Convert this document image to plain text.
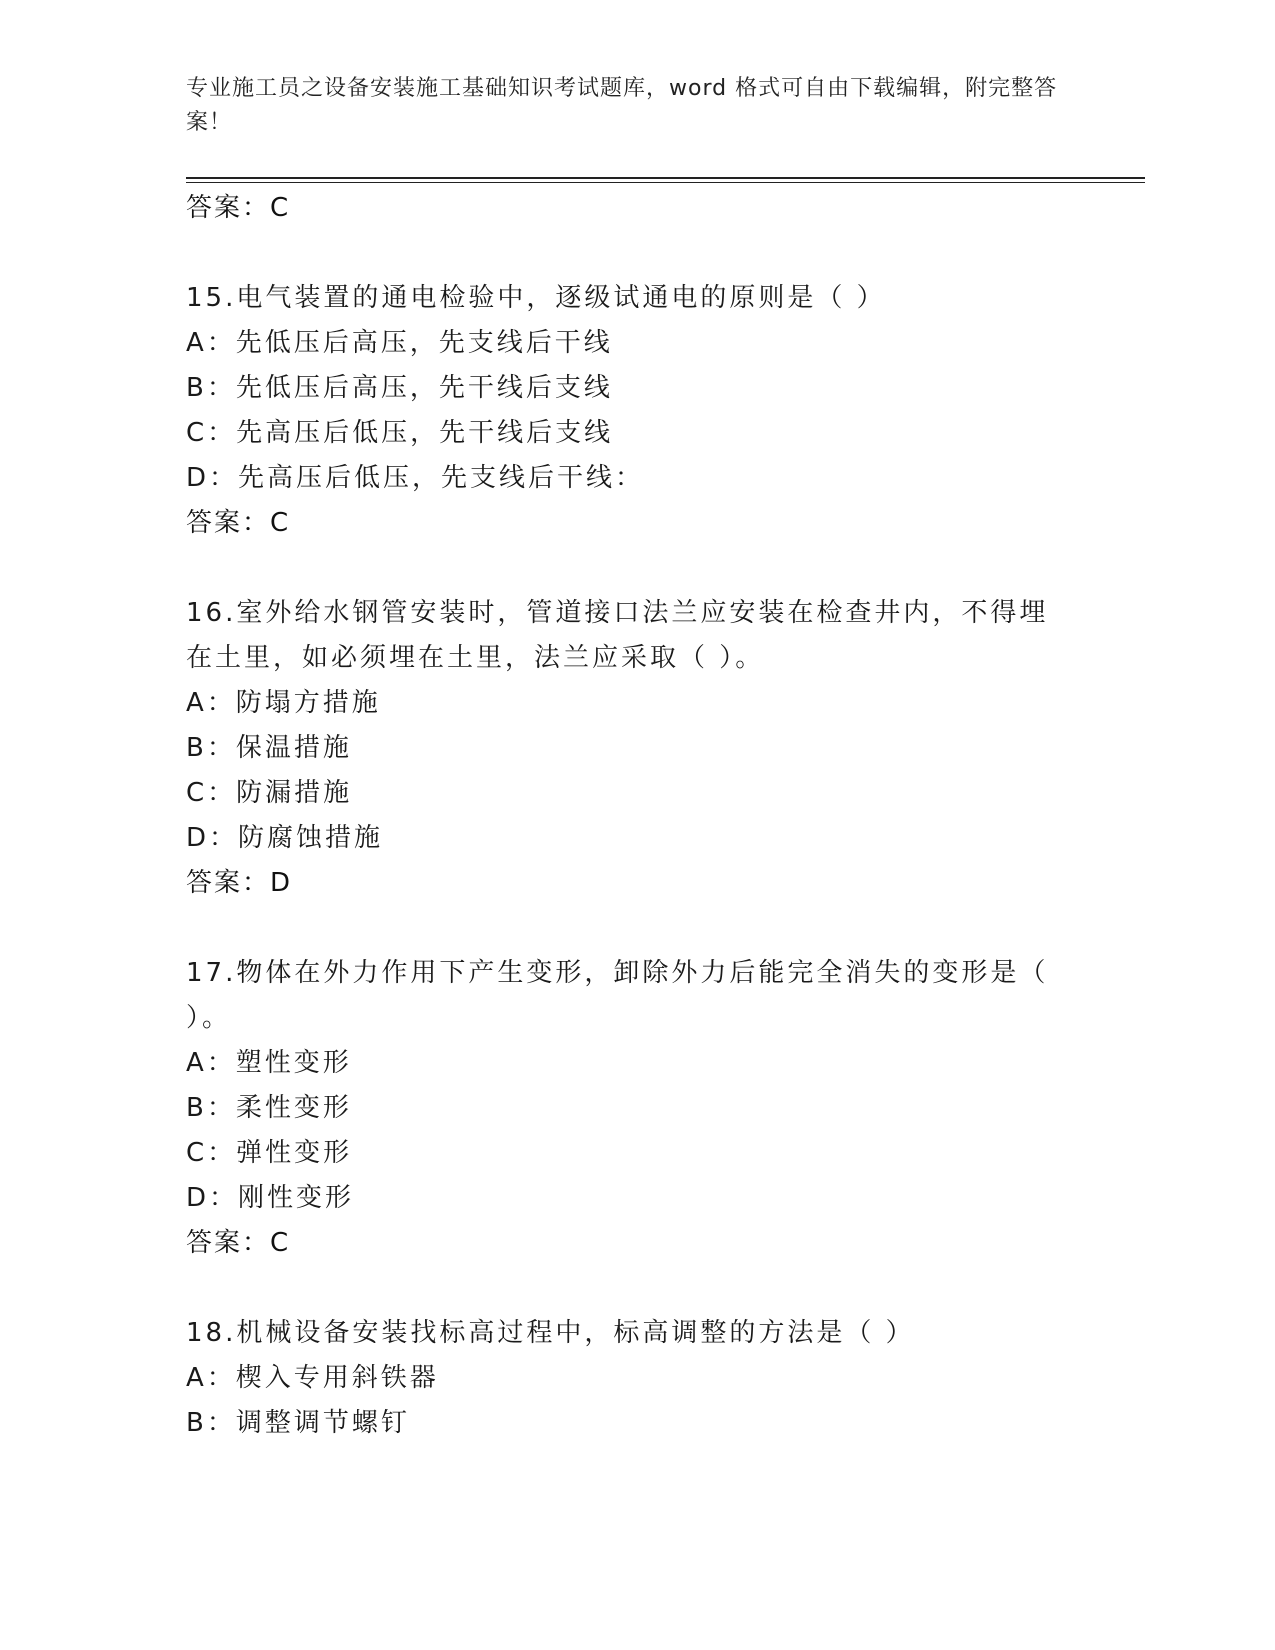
专业施工员之设备安装施工基础知识考试题库，word 格式可自由下载编辑，附完整答案！
答案：C
15.电气装置的通电检验中，逐级试通电的原则是（ ）
A：先低压后高压，先支线后干线
B：先低压后高压，先干线后支线
C：先高压后低压，先干线后支线
D：先高压后低压，先支线后干线：
答案：C
16.室外给水钢管安装时，管道接口法兰应安装在检查井内，不得埋在土里，如必须埋在土里，法兰应采取（ ）。
A：防塌方措施
B：保温措施
C：防漏措施
D：防腐蚀措施
答案：D
17.物体在外力作用下产生变形，卸除外力后能完全消失的变形是（ ）。
A：塑性变形
B：柔性变形
C：弹性变形
D：刚性变形
答案：C
18.机械设备安装找标高过程中，标高调整的方法是（ ）
A：楔入专用斜铁器
B：调整调节螺钉
